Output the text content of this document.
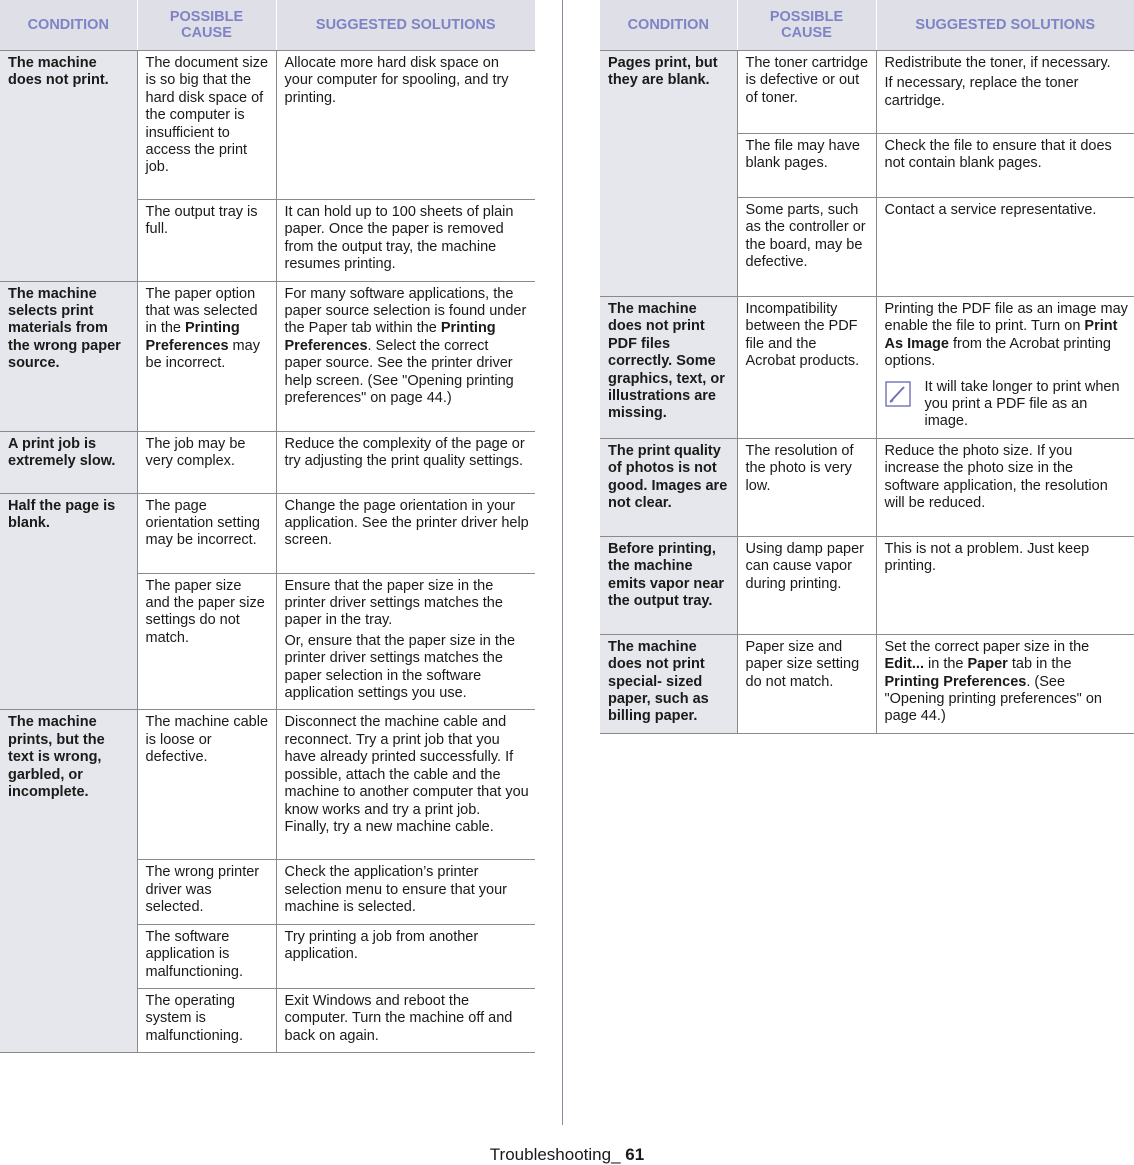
CONDITION	POSSIBLE CAUSE	SUGGESTED SOLUTIONS
The machine does not print.	The document size is so big that the hard disk space of the computer is insufficient to access the print job.	Allocate more hard disk space on your computer for spooling, and try printing.
	The output tray is full.	It can hold up to 100 sheets of plain paper. Once the paper is removed from the output tray, the machine resumes printing.
The machine selects print materials from the wrong paper source.	The paper option that was selected in the Printing Preferences may be incorrect.	For many software applications, the paper source selection is found under the Paper tab within the Printing Preferences. Select the correct paper source. See the printer driver help screen. (See "Opening printing preferences" on page 44.)
A print job is extremely slow.	The job may be very complex.	Reduce the complexity of the page or try adjusting the print quality settings.
Half the page is blank.	The page orientation setting may be incorrect.	Change the page orientation in your application. See the printer driver help screen.
	The paper size and the paper size settings do not match.	Ensure that the paper size in the printer driver settings matches the paper in the tray.

Or, ensure that the paper size in the printer driver settings matches the paper selection in the software application settings you use.

The machine prints, but the text is wrong, garbled, or incomplete.	The machine cable is loose or defective.	Disconnect the machine cable and reconnect. Try a print job that you have already printed successfully. If possible, attach the cable and the machine to another computer that you know works and try a print job. Finally, try a new machine cable.
	The wrong printer driver was selected.	Check the application’s printer selection menu to ensure that your machine is selected.
	The software application is malfunctioning.	Try printing a job from another application.
	The operating system is malfunctioning.	Exit Windows and reboot the computer. Turn the machine off and back on again.
CONDITION	POSSIBLE CAUSE	SUGGESTED SOLUTIONS
Pages print, but they are blank.	The toner cartridge is defective or out of toner.	Redistribute the toner, if necessary.

If necessary, replace the toner cartridge.

	The file may have blank pages.	Check the file to ensure that it does not contain blank pages.
	Some parts, such as the controller or the board, may be defective.	Contact a service representative.
The machine does not print PDF files correctly. Some graphics, text, or illustrations are missing.	Incompatibility between the PDF file and the Acrobat products.	Printing the PDF file as an image may enable the file to print. Turn on Print As Image from the Acrobat printing options.

It will take longer to print when you print a PDF file as an image.

The print quality of photos is not good. Images are not clear.	The resolution of the photo is very low.	Reduce the photo size. If you increase the photo size in the software application, the resolution will be reduced.
Before printing, the machine emits vapor near the output tray.	Using damp paper can cause vapor during printing.	This is not a problem. Just keep printing.
The machine does not print special- sized paper, such as billing paper.	Paper size and paper size setting do not match.	Set the correct paper size in the Edit... in the Paper tab in the Printing Preferences. (See "Opening printing preferences" on page 44.)
Troubleshooting_ 61
